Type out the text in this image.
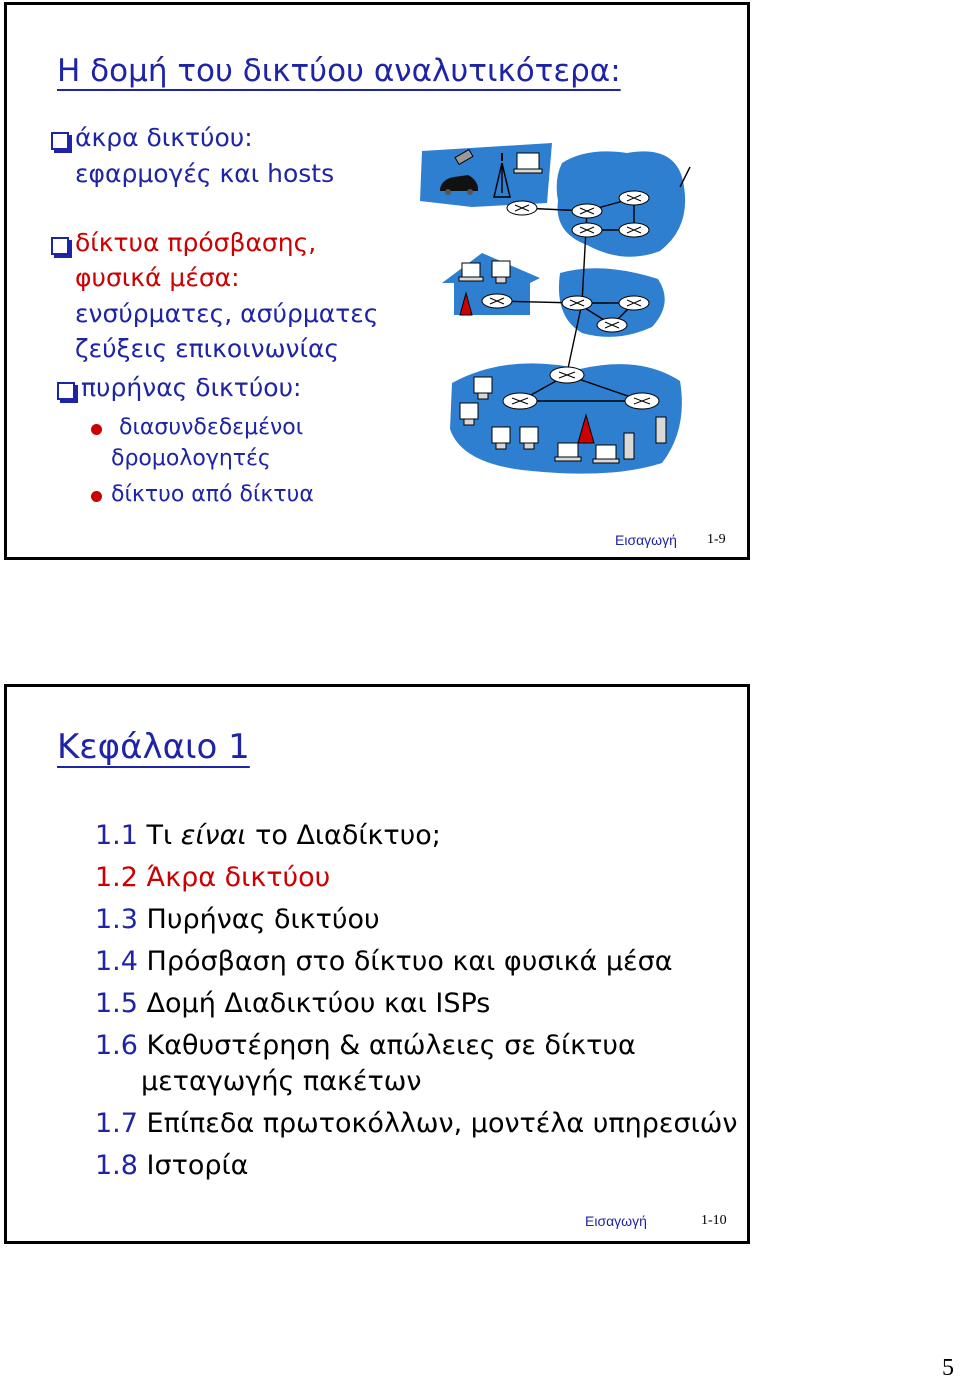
Η δομή του δικτύου αναλυτικότερα:
άκρα δικτύου:
εφαρμογές και hosts
δίκτυα πρόσβασης,
φυσικά μέσα:
ενσύρματες, ασύρματες
ζεύξεις επικοινωνίας
πυρήνας δικτύου:
διασυνδεδεμένοι
δρομολογητές
δίκτυο από δίκτυα
Εισαγωγή 1-9
Κεφάλαιο 1
1.1 Τι είναι το Διαδίκτυο;
1.2 Άκρα δικτύου
1.3 Πυρήνας δικτύου
1.4 Πρόσβαση στο δίκτυο και φυσικά μέσα
1.5 Δομή Διαδικτύου και ISPs
1.6 Καθυστέρηση & απώλειες σε δίκτυα
μεταγωγής πακέτων
1.7 Επίπεδα πρωτοκόλλων, μοντέλα υπηρεσιών
1.8 Ιστορία
Εισαγωγή	1-10
5
